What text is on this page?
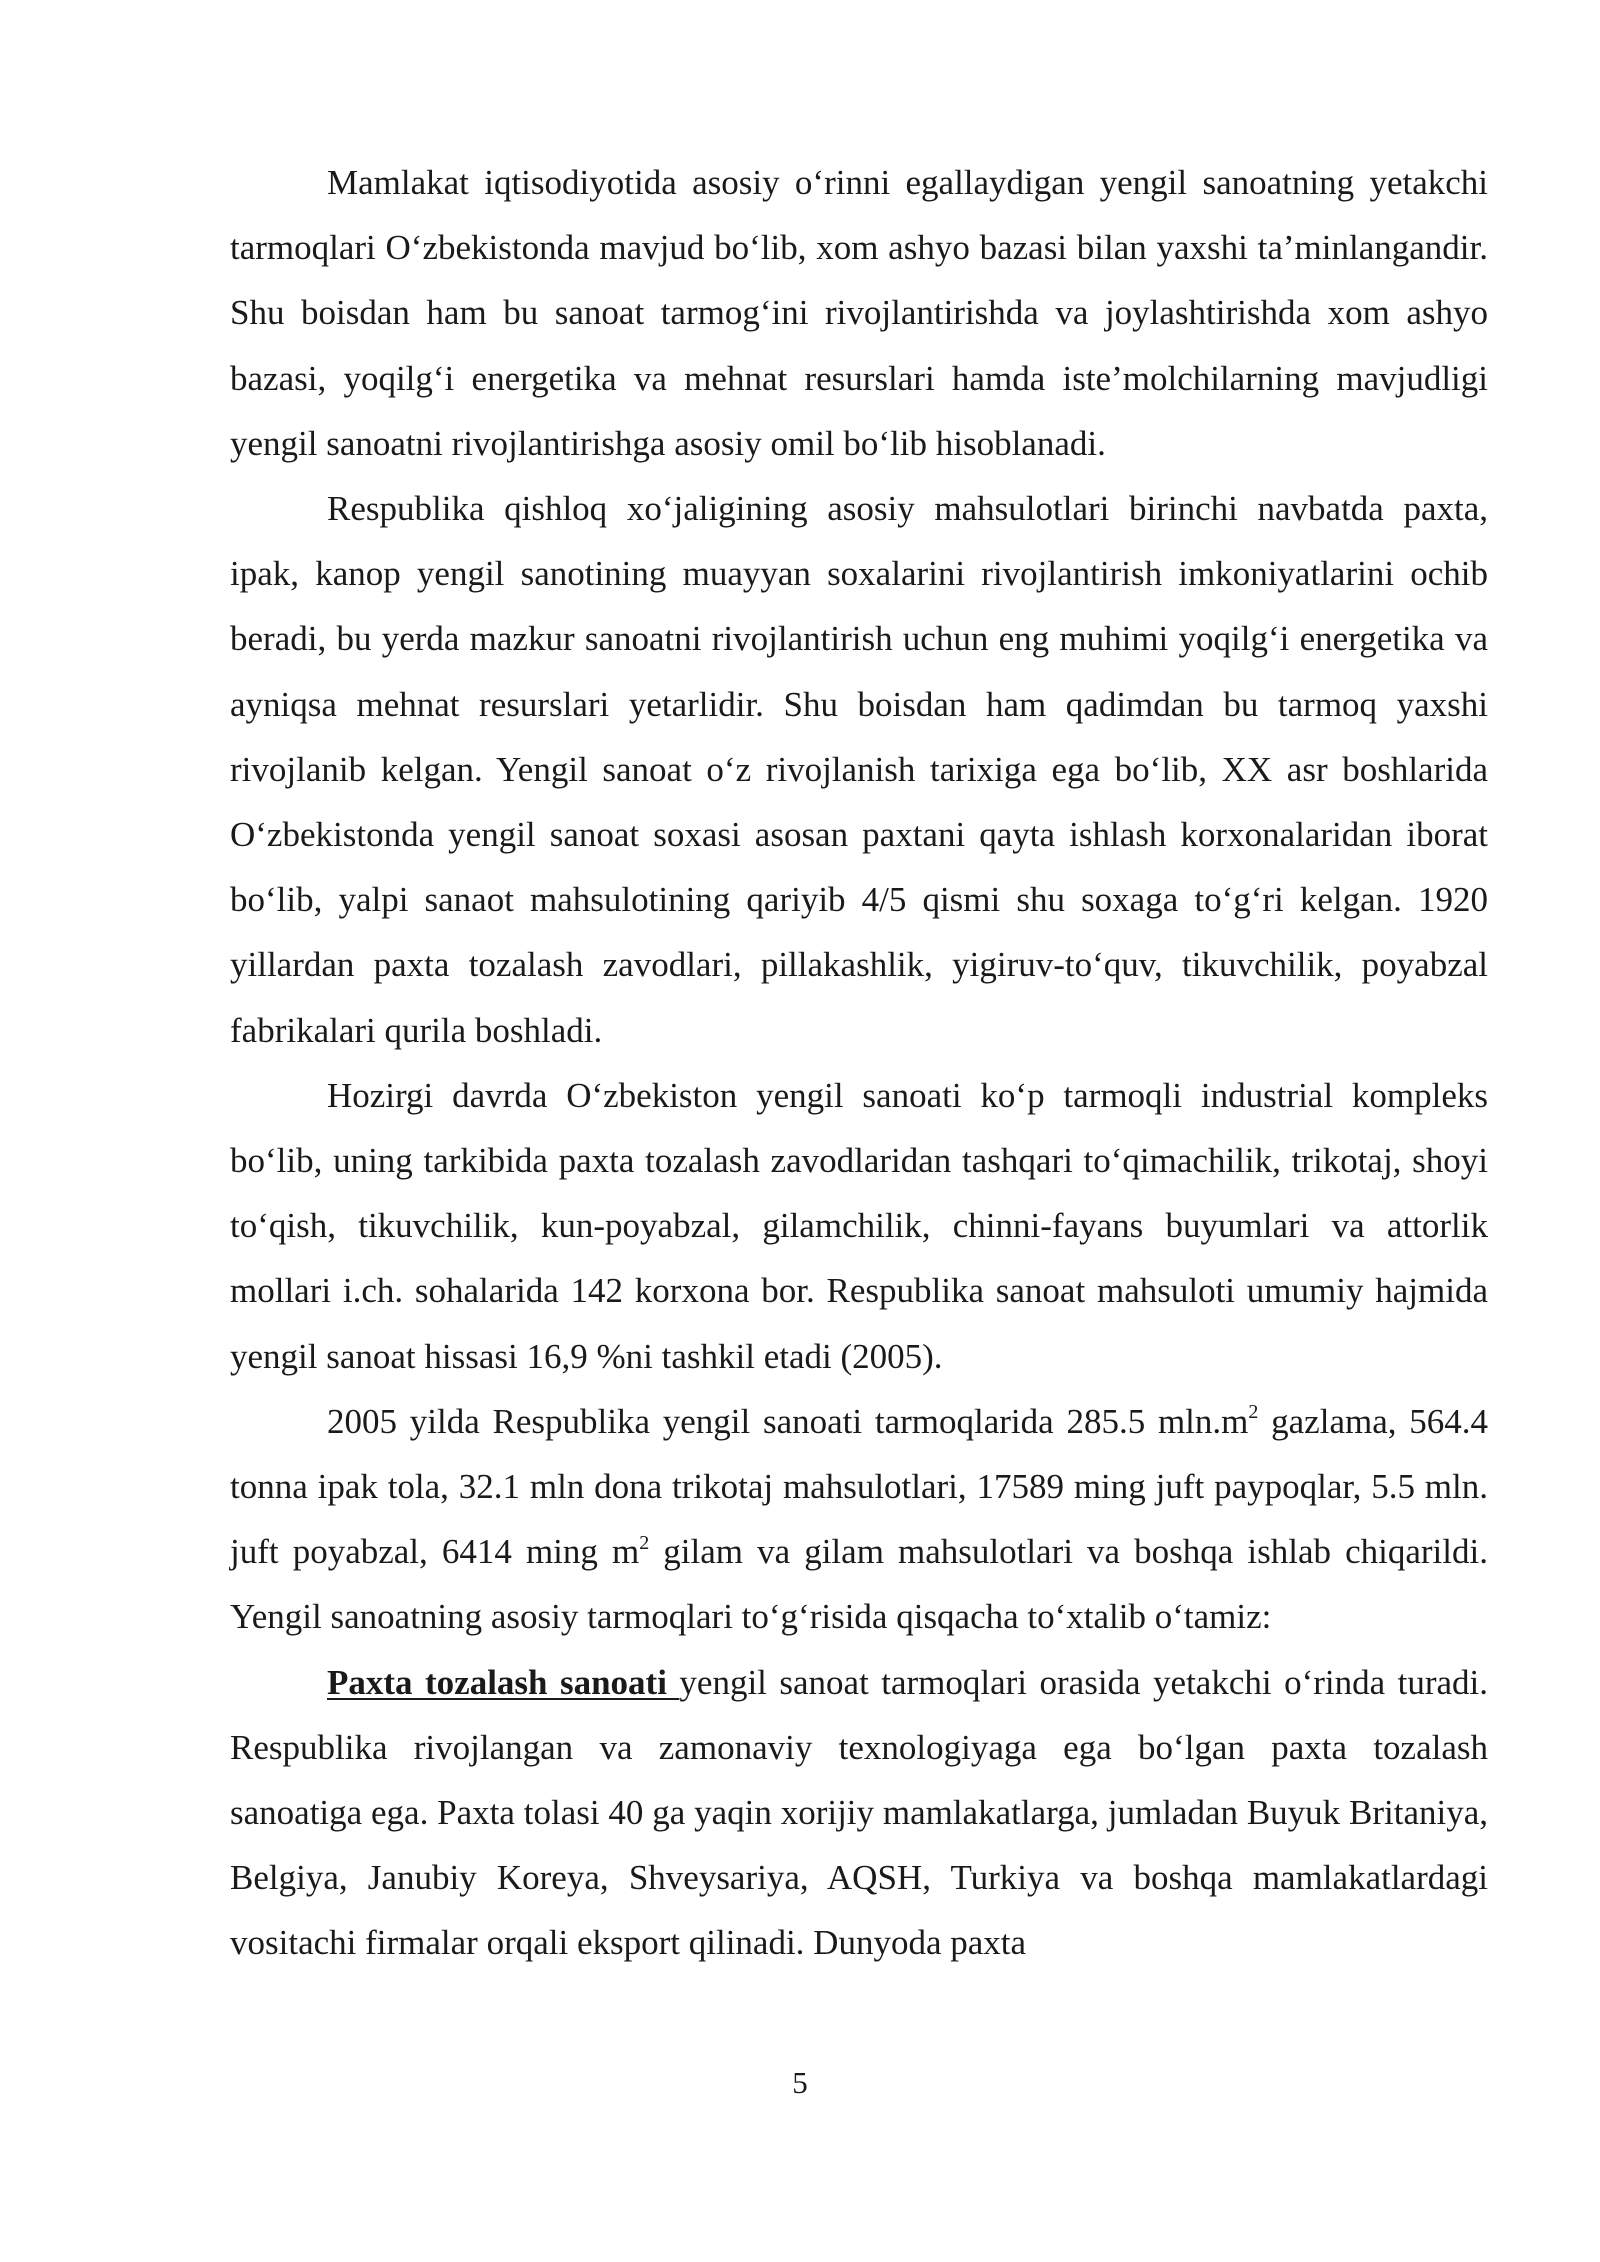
Mamlakat iqtisodiyotida asosiy o‘rinni egallaydigan yengil sanoatning yetakchi tarmoqlari O‘zbekistonda mavjud bo‘lib, xom ashyo bazasi bilan yaxshi ta’minlangandir. Shu boisdan ham bu sanoat tarmog‘ini rivojlantirishda va joylashtirishda xom ashyo bazasi, yoqilg‘i energetika va mehnat resurslari hamda iste’molchilarning mavjudligi yengil sanoatni rivojlantirishga asosiy omil bo‘lib hisoblanadi.

Respublika qishloq xo‘jaligining asosiy mahsulotlari birinchi navbatda paxta, ipak, kanop yengil sanotining muayyan soxalarini rivojlantirish imkoniyatlarini ochib beradi, bu yerda mazkur sanoatni rivojlantirish uchun eng muhimi yoqilg‘i energetika va ayniqsa mehnat resurslari yetarlidir. Shu boisdan ham qadimdan bu tarmoq yaxshi rivojlanib kelgan. Yengil sanoat o‘z rivojlanish tarixiga ega bo‘lib, XX asr boshlarida O‘zbekistonda yengil sanoat soxasi asosan paxtani qayta ishlash korxonalaridan iborat bo‘lib, yalpi sanaot mahsulotining qariyib 4/5 qismi shu soxaga to‘g‘ri kelgan. 1920 yillardan paxta tozalash zavodlari, pillakashlik, yigiruv-to‘quv, tikuvchilik, poyabzal fabrikalari qurila boshladi.

Hozirgi davrda O‘zbekiston yengil sanoati ko‘p tarmoqli industrial kompleks bo‘lib, uning tarkibida paxta tozalash zavodlaridan tashqari to‘qimachilik, trikotaj, shoyi to‘qish, tikuvchilik, kun-poyabzal, gilamchilik, chinni-fayans buyumlari va attorlik mollari i.ch. sohalarida 142 korxona bor. Respublika sanoat mahsuloti umumiy hajmida yengil sanoat hissasi 16,9 %ni tashkil etadi (2005).

2005 yilda Respublika yengil sanoati tarmoqlarida 285.5 $mln.m^2$ gazlama, 564.4 tonna ipak tola, 32.1 mln dona trikotaj mahsulotlari, 17589 ming juft paypoqlar, 5.5 mln. juft poyabzal, 6414 ming $m^2$ gilam va gilam mahsulotlari va boshqa ishlab chiqarildi. Yengil sanoatning asosiy tarmoqlari to‘g‘risida qisqacha to‘xtalib o‘tamiz:

Paxta tozalash sanoati yengil sanoat tarmoqlari orasida yetakchi o‘rinda turadi. Respublika rivojlangan va zamonaviy texnologiyaga ega bo‘lgan paxta tozalash sanoatiga ega. Paxta tolasi 40 ga yaqin xorijiy mamlakatlarga, jumladan Buyuk Britaniya, Belgiya, Janubiy Koreya, Shveysariya, AQSH, Turkiya va boshqa mamlakatlardagi vositachi firmalar orqali eksport qilinadi. Dunyoda paxta

5
